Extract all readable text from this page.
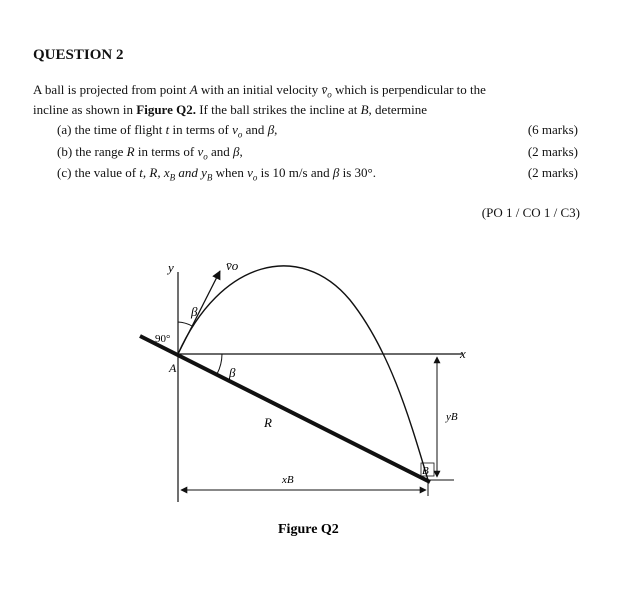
QUESTION 2
A ball is projected from point A with an initial velocity $v̄_o$ which is perpendicular to the
incline as shown in Figure Q2. If the ball strikes the incline at B, determine
(a) the time of flight t in terms of $v_o$ and β,	(6 marks)
(b) the range R in terms of $v_o$ and β,	(2 marks)
(c) the value of t, R, $x_B$ and $y_B$ when $v_o$ is 10 m/s and β is 30°.	(2 marks)
(PO 1 / CO 1 / C3)
y
x
v̄o
β
90°
A	β
R
xB
yB
B
Figure Q2
